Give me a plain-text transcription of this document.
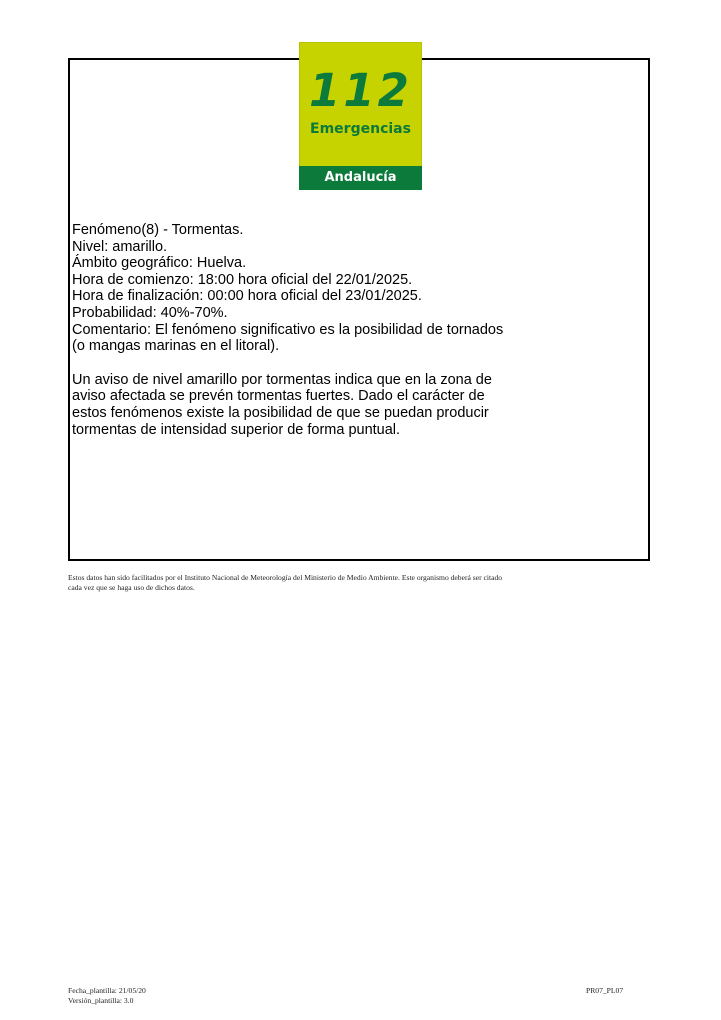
112
Emergencias
Andalucía
Fenómeno(8) - Tormentas.
Nivel: amarillo.
Ámbito geográfico: Huelva.
Hora de comienzo: 18:00 hora oficial del 22/01/2025.
Hora de finalización: 00:00 hora oficial del 23/01/2025.
Probabilidad: 40%-70%.
Comentario: El fenómeno significativo es la posibilidad de tornados
(o mangas marinas en el litoral).
Un aviso de nivel amarillo por tormentas indica que en la zona de
aviso afectada se prevén tormentas fuertes. Dado el carácter de
estos fenómenos existe la posibilidad de que se puedan producir
tormentas de intensidad superior de forma puntual.
Estos datos han sido facilitados por el Instituto Nacional de Meteorología del Ministerio de Medio Ambiente. Este organismo deberá ser citado
cada vez que se haga uso de dichos datos.
Fecha_plantilla: 21/05/20
Versión_plantilla: 3.0
PR07_PL07
